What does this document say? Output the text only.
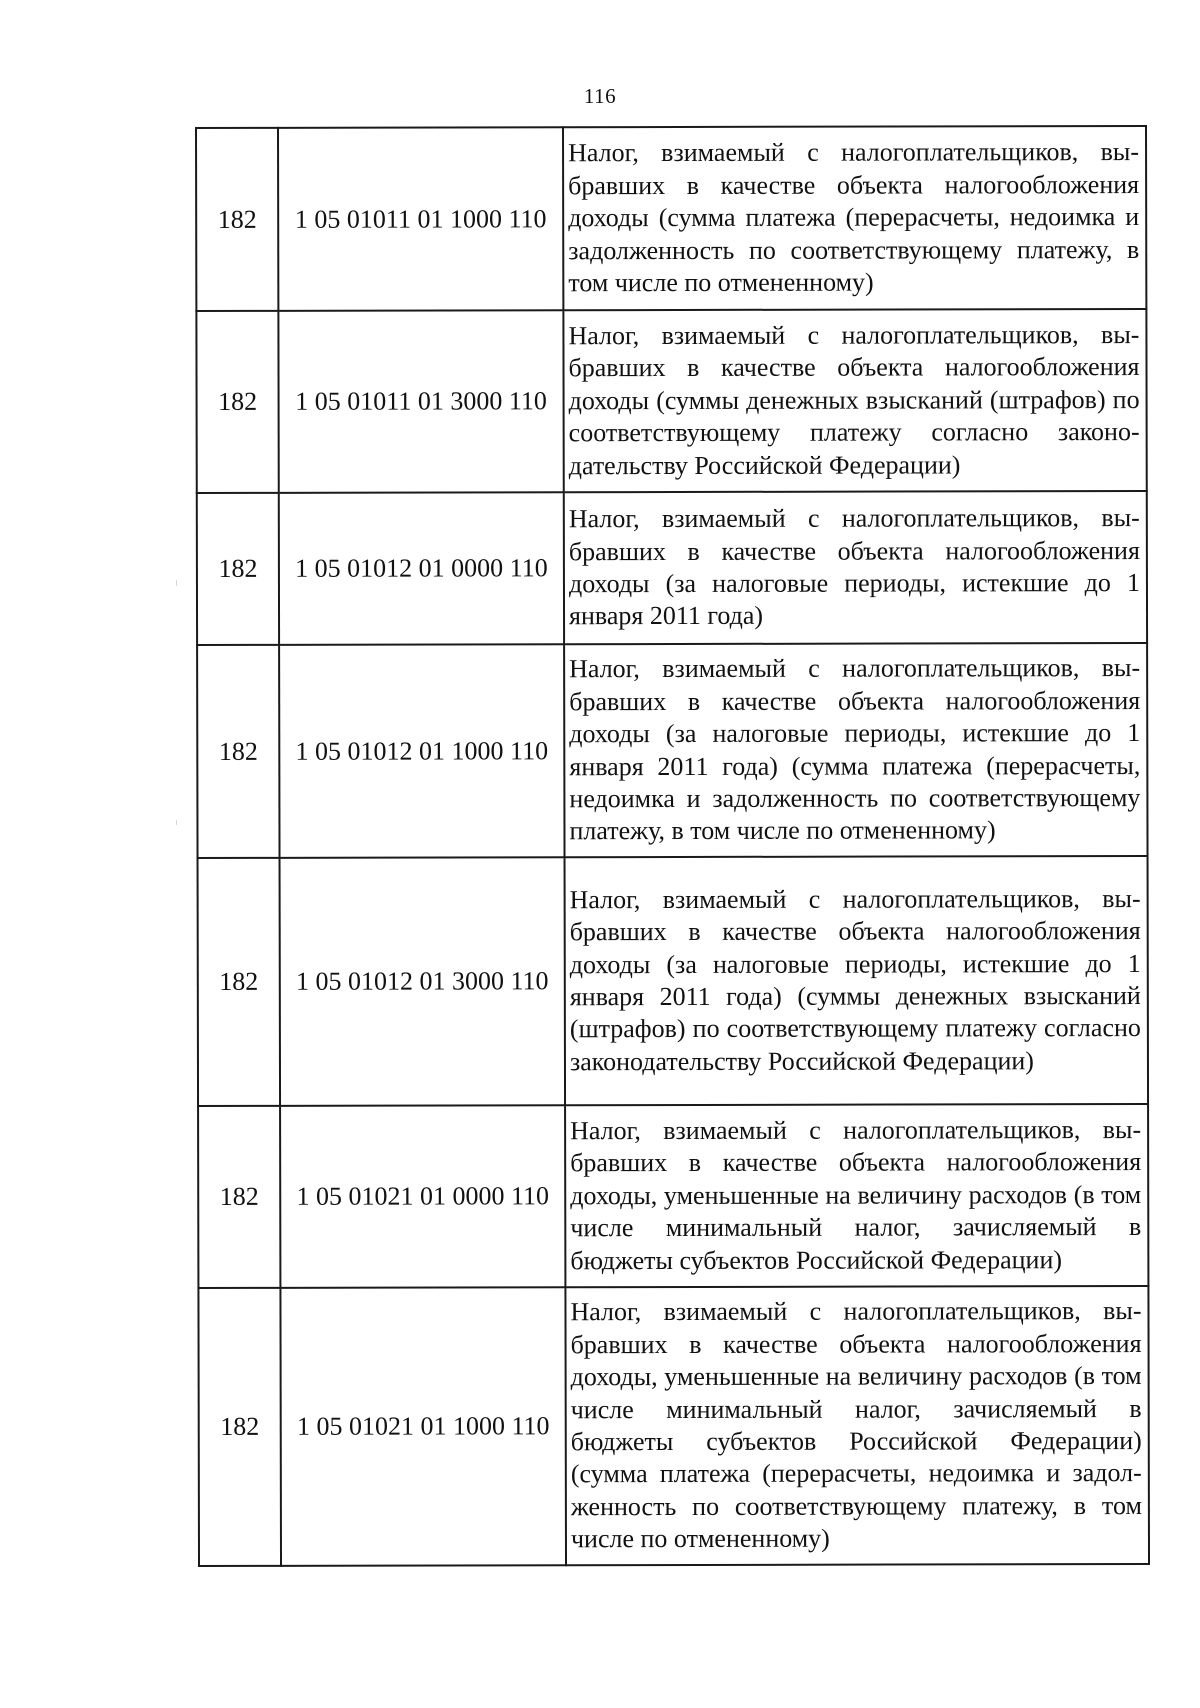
116
182	1 05 01011 01 1000 110	Налог, взимаемый с налогоплательщиков, выбравших в качестве объекта налогообложения доходы (сумма платежа (перерасчеты, недоимка и задолженность по соответствующему платежу, в том числе по отмененному)
182	1 05 01011 01 3000 110	Налог, взимаемый с налогоплательщиков, выбравших в качестве объекта налогообложения доходы (суммы денежных взысканий (штрафов) по соответствующему платежу согласно законодательству Российской Федерации)
182	1 05 01012 01 0000 110	Налог, взимаемый с налогоплательщиков, выбравших в качестве объекта налогообложения доходы (за налоговые периоды, истекшие до 1 января 2011 года)
182	1 05 01012 01 1000 110	Налог, взимаемый с налогоплательщиков, выбравших в качестве объекта налогообложения доходы (за налоговые периоды, истекшие до 1 января 2011 года) (сумма платежа (перерасчеты, недоимка и задолженность по соответствующему платежу, в том числе по отмененному)
182	1 05 01012 01 3000 110	Налог, взимаемый с налогоплательщиков, выбравших в качестве объекта налогообложения доходы (за налоговые периоды, истекшие до 1 января 2011 года) (суммы денежных взысканий (штрафов) по соответствующему платежу согласно законодательству Российской Федерации)
182	1 05 01021 01 0000 110	Налог, взимаемый с налогоплательщиков, выбравших в качестве объекта налогообложения доходы, уменьшенные на величину расходов (в том числе минимальный налог, зачисляемый в бюджеты субъектов Российской Федерации)
182	1 05 01021 01 1000 110	Налог, взимаемый с налогоплательщиков, выбравших в качестве объекта налогообложения доходы, уменьшенные на величину расходов (в том числе минимальный налог, зачисляемый в бюджеты субъектов Российской Федерации) (сумма платежа (перерасчеты, недоимка и задолженность по соответствующему платежу, в том числе по отмененному)
